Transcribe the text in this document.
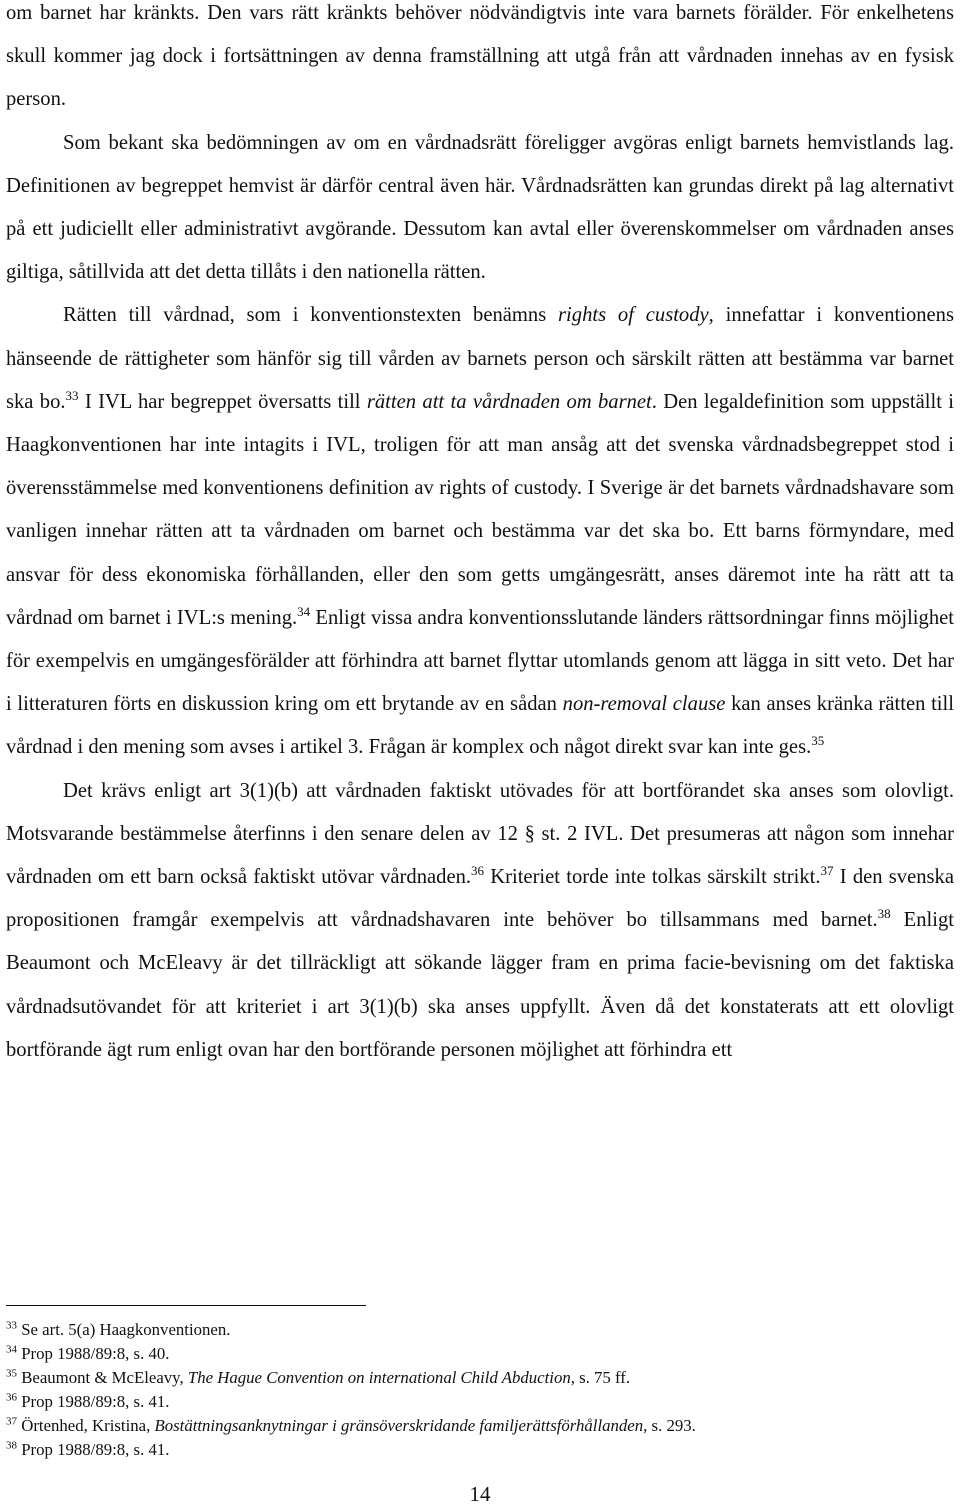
om barnet har kränkts. Den vars rätt kränkts behöver nödvändigtvis inte vara barnets förälder. För enkelhetens skull kommer jag dock i fortsättningen av denna framställning att utgå från att vårdnaden innehas av en fysisk person.

Som bekant ska bedömningen av om en vårdnadsrätt föreligger avgöras enligt barnets hemvistlands lag. Definitionen av begreppet hemvist är därför central även här. Vårdnadsrätten kan grundas direkt på lag alternativt på ett judiciellt eller administrativt avgörande. Dessutom kan avtal eller överenskommelser om vårdnaden anses giltiga, såtillvida att det detta tillåts i den nationella rätten.

Rätten till vårdnad, som i konventionstexten benämns rights of custody, innefattar i konventionens hänseende de rättigheter som hänför sig till vården av barnets person och särskilt rätten att bestämma var barnet ska bo.$^{33}$ I IVL har begreppet översatts till rätten att ta vårdnaden om barnet. Den legaldefinition som uppställt i Haagkonventionen har inte intagits i IVL, troligen för att man ansåg att det svenska vårdnadsbegreppet stod i överensstämmelse med konventionens definition av rights of custody. I Sverige är det barnets vårdnadshavare som vanligen innehar rätten att ta vårdnaden om barnet och bestämma var det ska bo. Ett barns förmyndare, med ansvar för dess ekonomiska förhållanden, eller den som getts umgängesrätt, anses däremot inte ha rätt att ta vårdnad om barnet i IVL:s mening.$^{34}$ Enligt vissa andra konventionsslutande länders rättsordningar finns möjlighet för exempelvis en umgängesförälder att förhindra att barnet flyttar utomlands genom att lägga in sitt veto. Det har i litteraturen förts en diskussion kring om ett brytande av en sådan non-removal clause kan anses kränka rätten till vårdnad i den mening som avses i artikel 3. Frågan är komplex och något direkt svar kan inte ges.$^{35}$

Det krävs enligt art 3(1)(b) att vårdnaden faktiskt utövades för att bortförandet ska anses som olovligt. Motsvarande bestämmelse återfinns i den senare delen av 12 § st. 2 IVL. Det presumeras att någon som innehar vårdnaden om ett barn också faktiskt utövar vårdnaden.$^{36}$ Kriteriet torde inte tolkas särskilt strikt.$^{37}$ I den svenska propositionen framgår exempelvis att vårdnadshavaren inte behöver bo tillsammans med barnet.$^{38}$ Enligt Beaumont och McEleavy är det tillräckligt att sökande lägger fram en prima facie-bevisning om det faktiska vårdnadsutövandet för att kriteriet i art 3(1)(b) ska anses uppfyllt. Även då det konstaterats att ett olovligt bortförande ägt rum enligt ovan har den bortförande personen möjlighet att förhindra ett

$^{33}$ Se art. 5(a) Haagkonventionen.
$^{34}$ Prop 1988/89:8, s. 40.
$^{35}$ Beaumont & McEleavy, The Hague Convention on international Child Abduction, s. 75 ff.
$^{36}$ Prop 1988/89:8, s. 41.
$^{37}$ Örtenhed, Kristina, Bostättningsanknytningar i gränsöverskridande familjerättsförhållanden, s. 293.
$^{38}$ Prop 1988/89:8, s. 41.
14
